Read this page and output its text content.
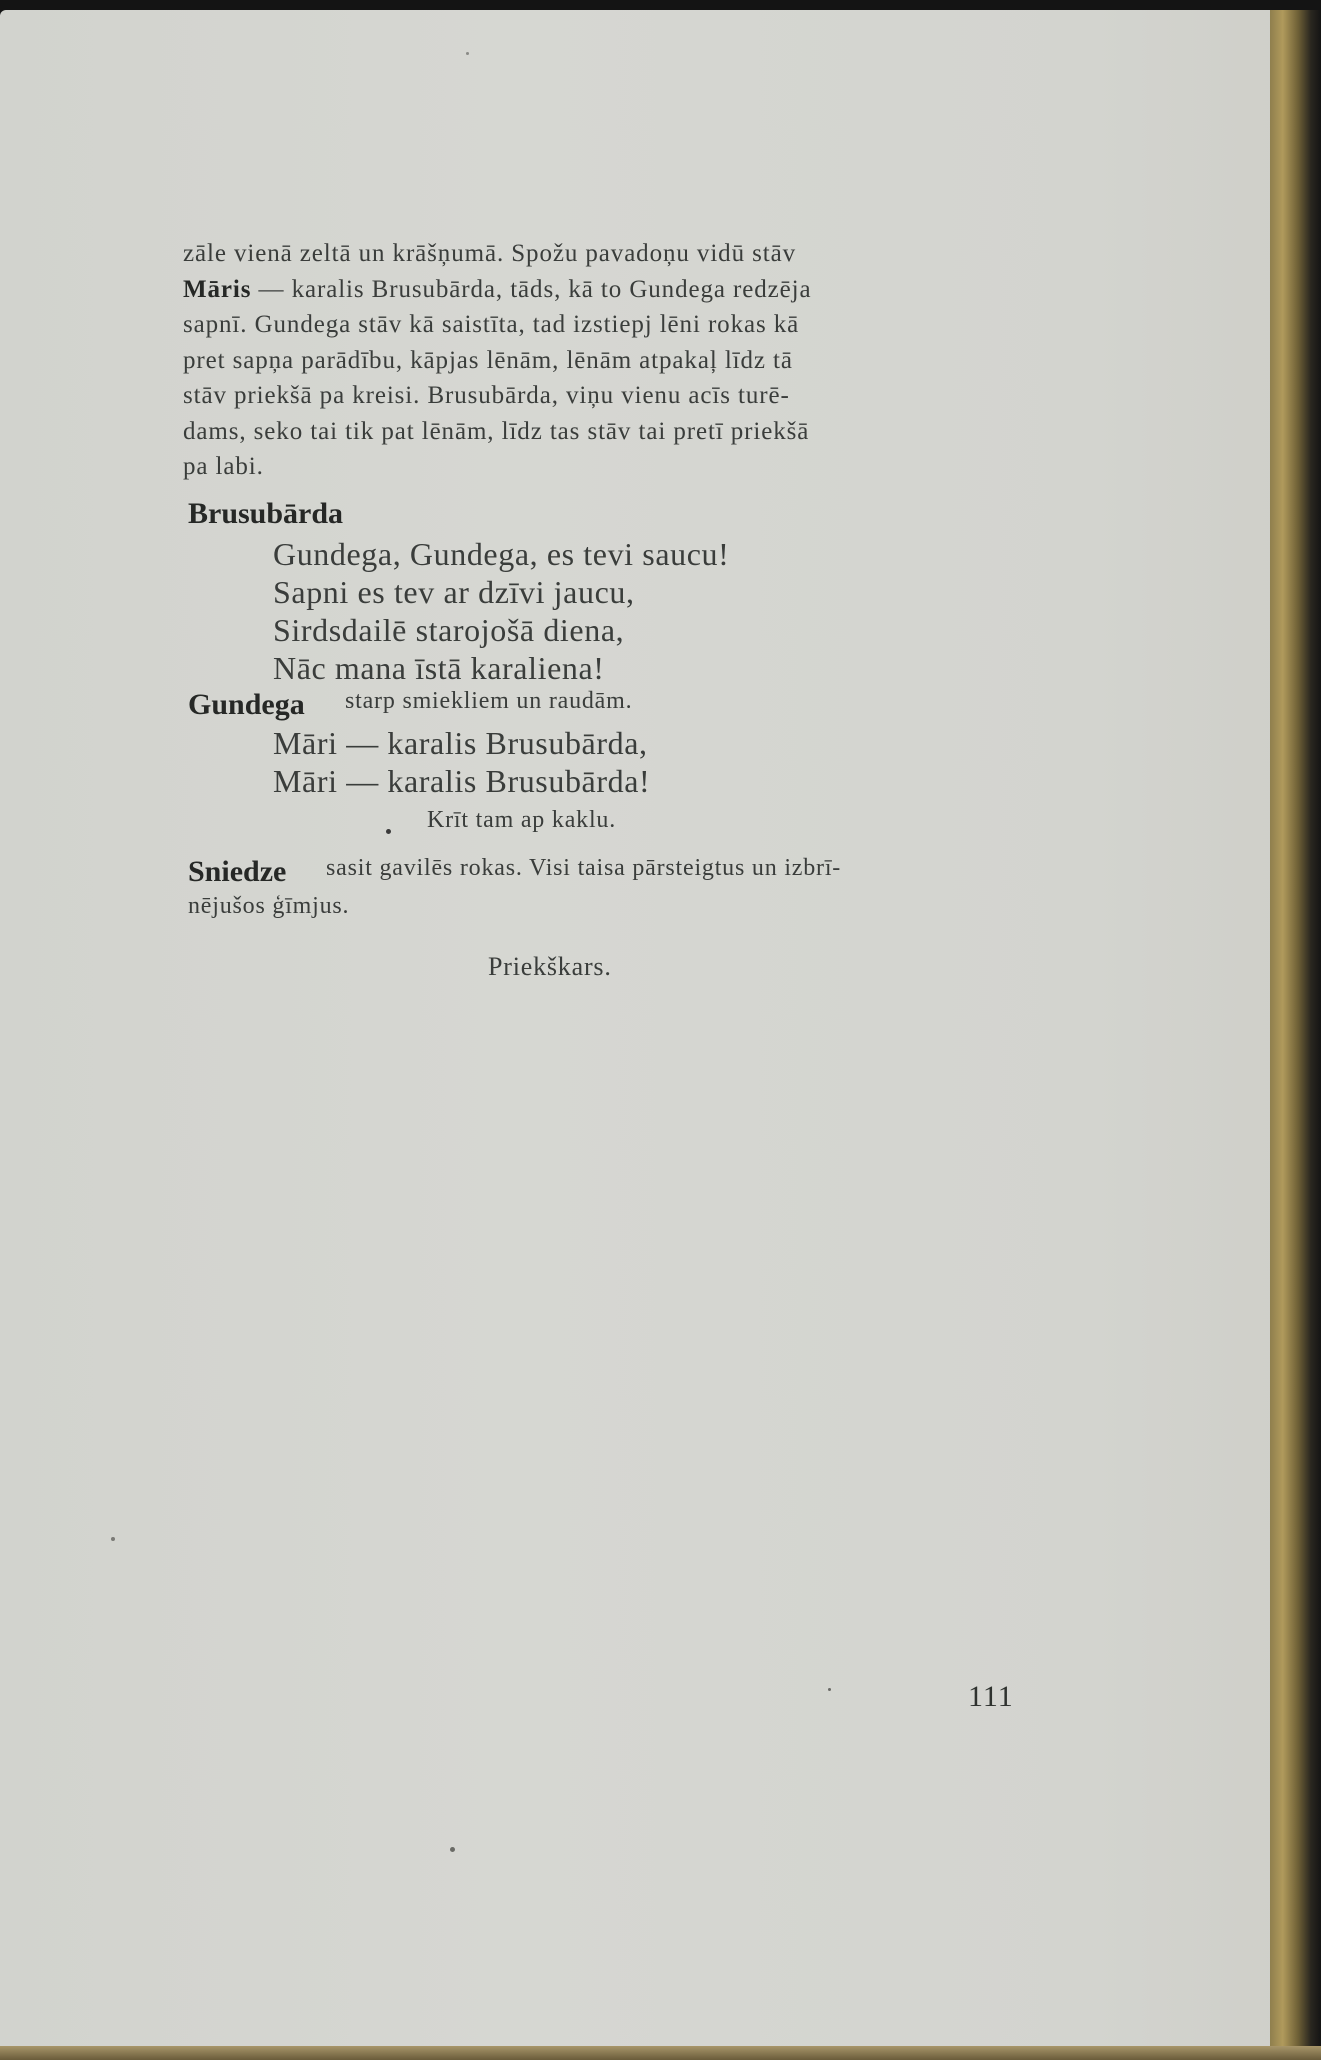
zāle vienā zeltā un krāšņumā. Spožu pavadoņu vidū stāv

Māris — karalis Brusubārda, tāds, kā to Gundega redzēja

sapnī. Gundega stāv kā saistīta, tad izstiepj lēni rokas kā

pret sapņa parādību, kāpjas lēnām, lēnām atpakaļ līdz tā

stāv priekšā pa kreisi. Brusubārda, viņu vienu acīs turē-

dams, seko tai tik pat lēnām, līdz tas stāv tai pretī priekšā

pa labi.

Brusubārda
Gundega, Gundega, es tevi saucu!
Sapni es tev ar dzīvi jaucu,
Sirdsdailē starojošā diena,
Nāc mana īstā karaliena!
Gundega starp smiekliem un raudām.
Māri — karalis Brusubārda,
Māri — karalis Brusubārda!
Krīt tam ap kaklu.
Sniedze sasit gavilēs rokas. Visi taisa pārsteigtus un izbrī-
nējušos ģīmjus.
Priekškars.
111
